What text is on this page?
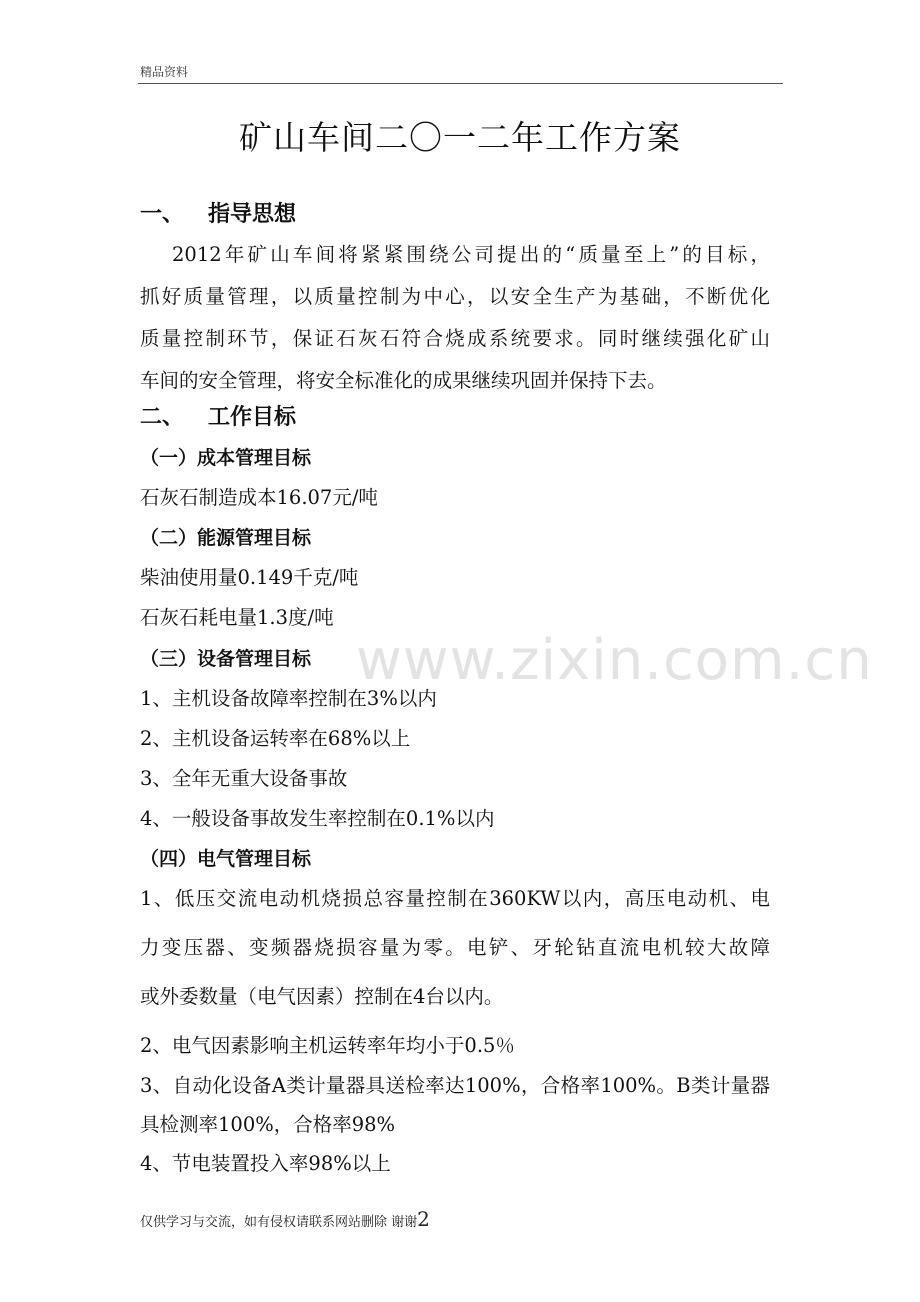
精品资料
www.zixin.com.cn
矿山车间二〇一二年工作方案
一、 指导思想
2012年矿山车间将紧紧围绕公司提出的“质量至上”的目标，
抓好质量管理，以质量控制为中心，以安全生产为基础，不断优化
质量控制环节，保证石灰石符合烧成系统要求。同时继续强化矿山
车间的安全管理，将安全标准化的成果继续巩固并保持下去。
二、 工作目标
（一）成本管理目标
石灰石制造成本16.07元/吨
（二）能源管理目标
柴油使用量0.149千克/吨
石灰石耗电量1.3度/吨
（三）设备管理目标
1、主机设备故障率控制在3%以内
2、主机设备运转率在68%以上
3、全年无重大设备事故
4、一般设备事故发生率控制在0.1%以内
（四）电气管理目标
1、低压交流电动机烧损总容量控制在360KW以内，高压电动机、电
力变压器、变频器烧损容量为零。电铲、牙轮钻直流电机较大故障
或外委数量（电气因素）控制在4台以内。
2、电气因素影响主机运转率年均小于0.5％
3、自动化设备A类计量器具送检率达100%，合格率100%。B类计量器
具检测率100%，合格率98%
4、节电装置投入率98%以上
仅供学习与交流，如有侵权请联系网站删除 谢谢2
